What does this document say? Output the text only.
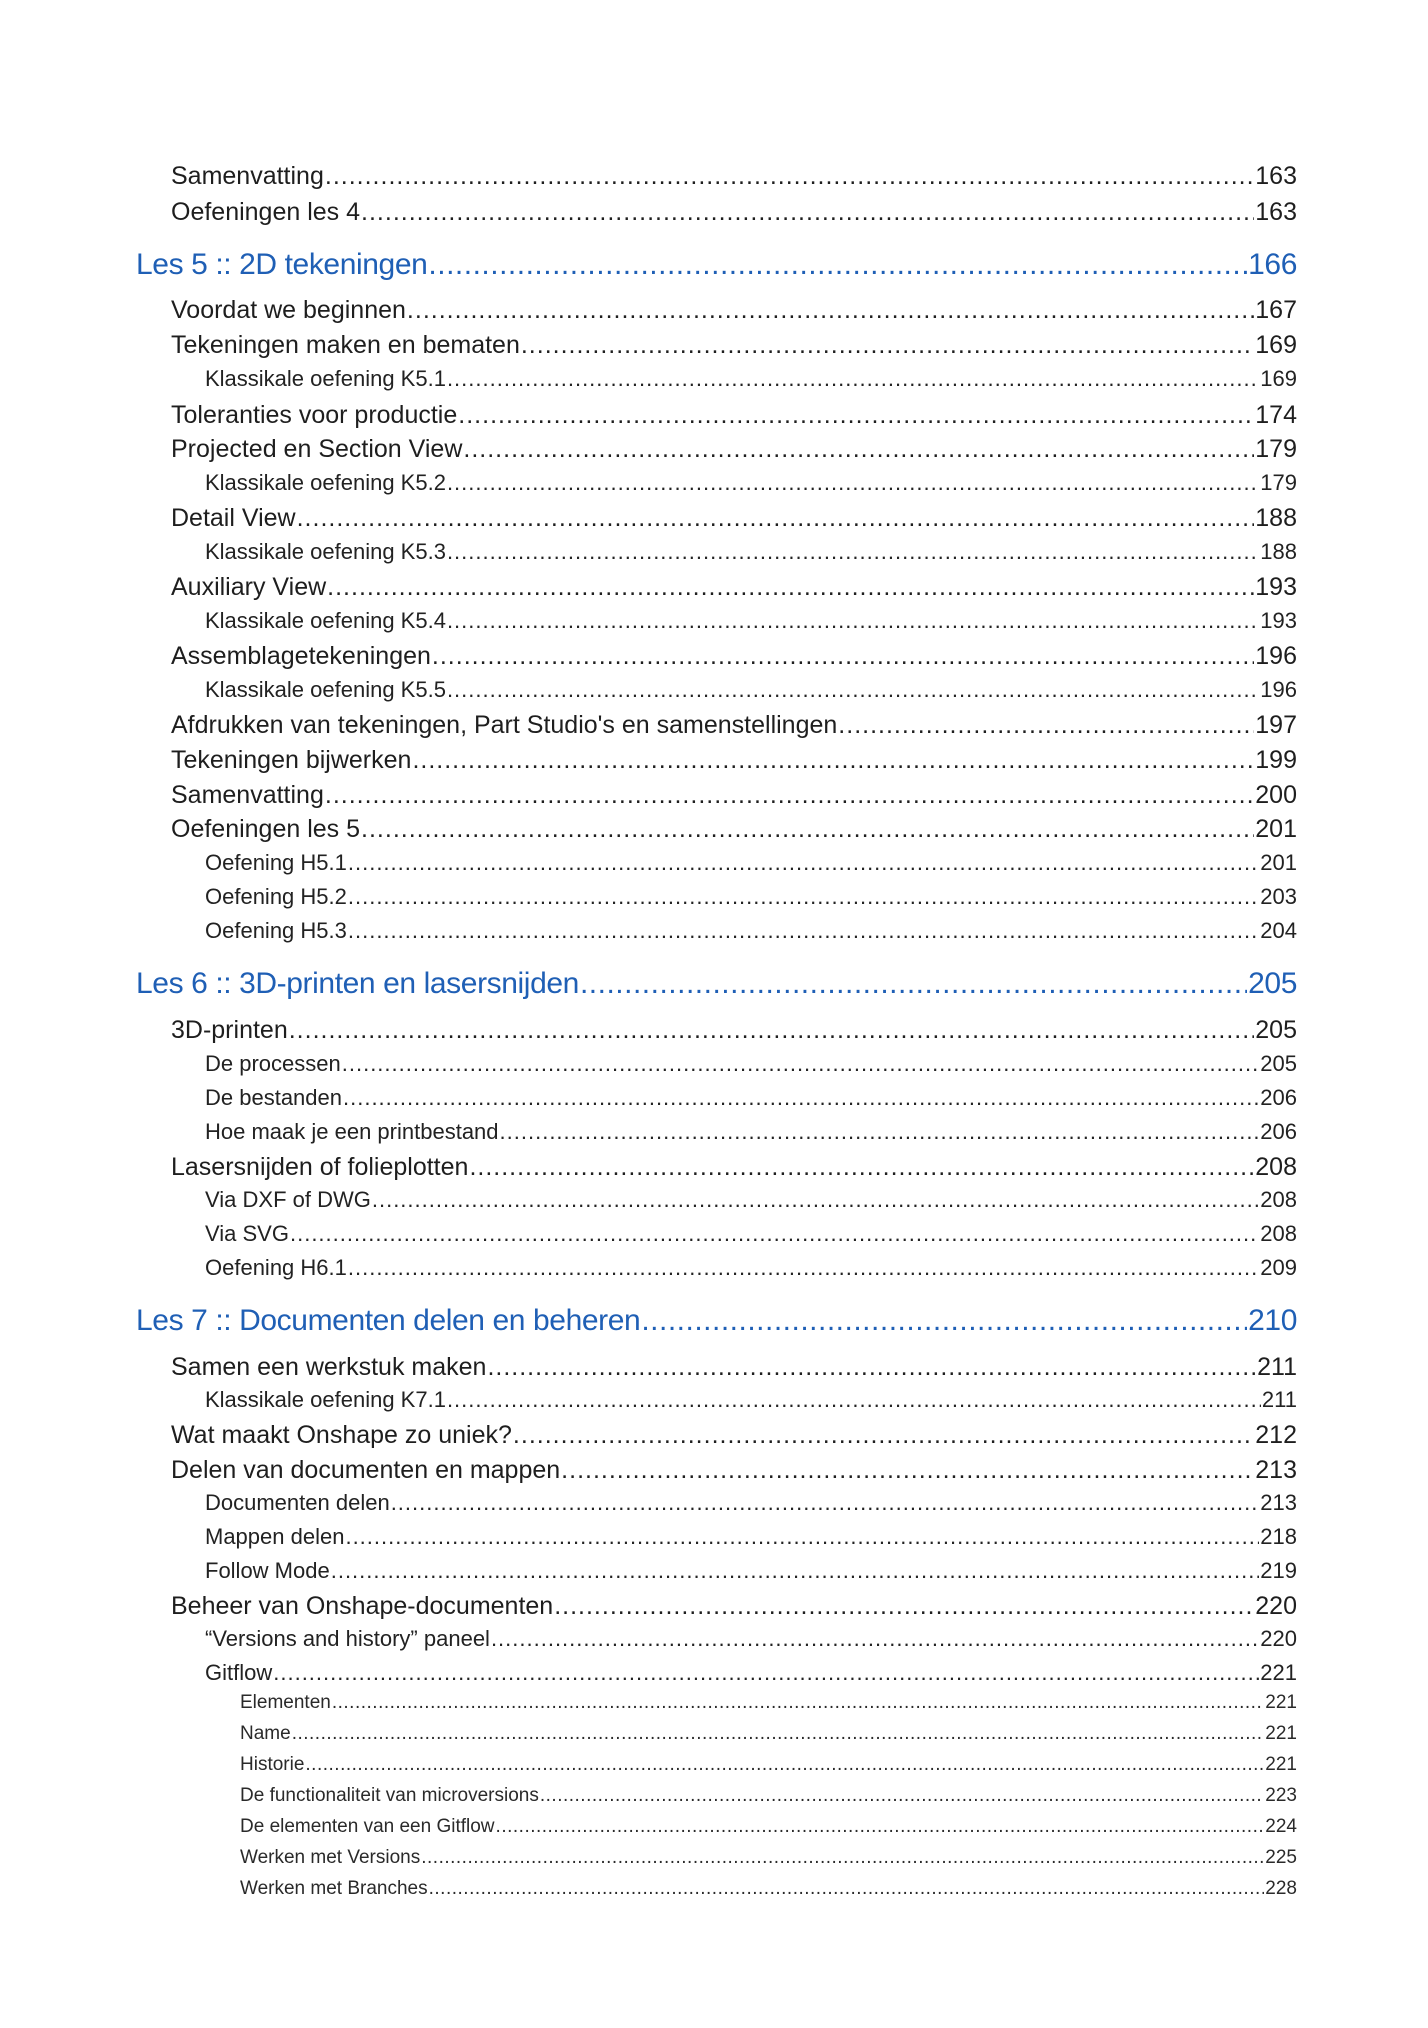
Samenvatting .....	163
Oefeningen les 4 .....	163
Les 5 :: 2D tekeningen .....	166
Voordat we beginnen .....	167
Tekeningen maken en bematen .....	169
Klassikale oefening K5.1 .....	169
Toleranties voor productie .....	174
Projected en Section View .....	179
Klassikale oefening K5.2 .....	179
Detail View .....	188
Klassikale oefening K5.3 .....	188
Auxiliary View .....	193
Klassikale oefening K5.4 .....	193
Assemblagetekeningen .....	196
Klassikale oefening K5.5 .....	196
Afdrukken van tekeningen, Part Studio's en samenstellingen .....	197
Tekeningen bijwerken .....	199
Samenvatting .....	200
Oefeningen les 5 .....	201
Oefening H5.1 .....	201
Oefening H5.2 .....	203
Oefening H5.3 .....	204
Les 6 :: 3D-printen en lasersnijden .....	205
3D-printen .....	205
De processen .....	205
De bestanden .....	206
Hoe maak je een printbestand .....	206
Lasersnijden of folieplotten .....	208
Via DXF of DWG .....	208
Via SVG .....	208
Oefening H6.1 .....	209
Les 7 :: Documenten delen en beheren .....	210
Samen een werkstuk maken .....	211
Klassikale oefening K7.1 .....	211
Wat maakt Onshape zo uniek? .....	212
Delen van documenten en mappen .....	213
Documenten delen .....	213
Mappen delen .....	218
Follow Mode .....	219
Beheer van Onshape-documenten .....	220
“Versions and history” paneel .....	220
Gitflow .....	221
Elementen .....	221
Name .....	221
Historie .....	221
De functionaliteit van microversions .....	223
De elementen van een Gitflow .....	224
Werken met Versions .....	225
Werken met Branches .....	228
